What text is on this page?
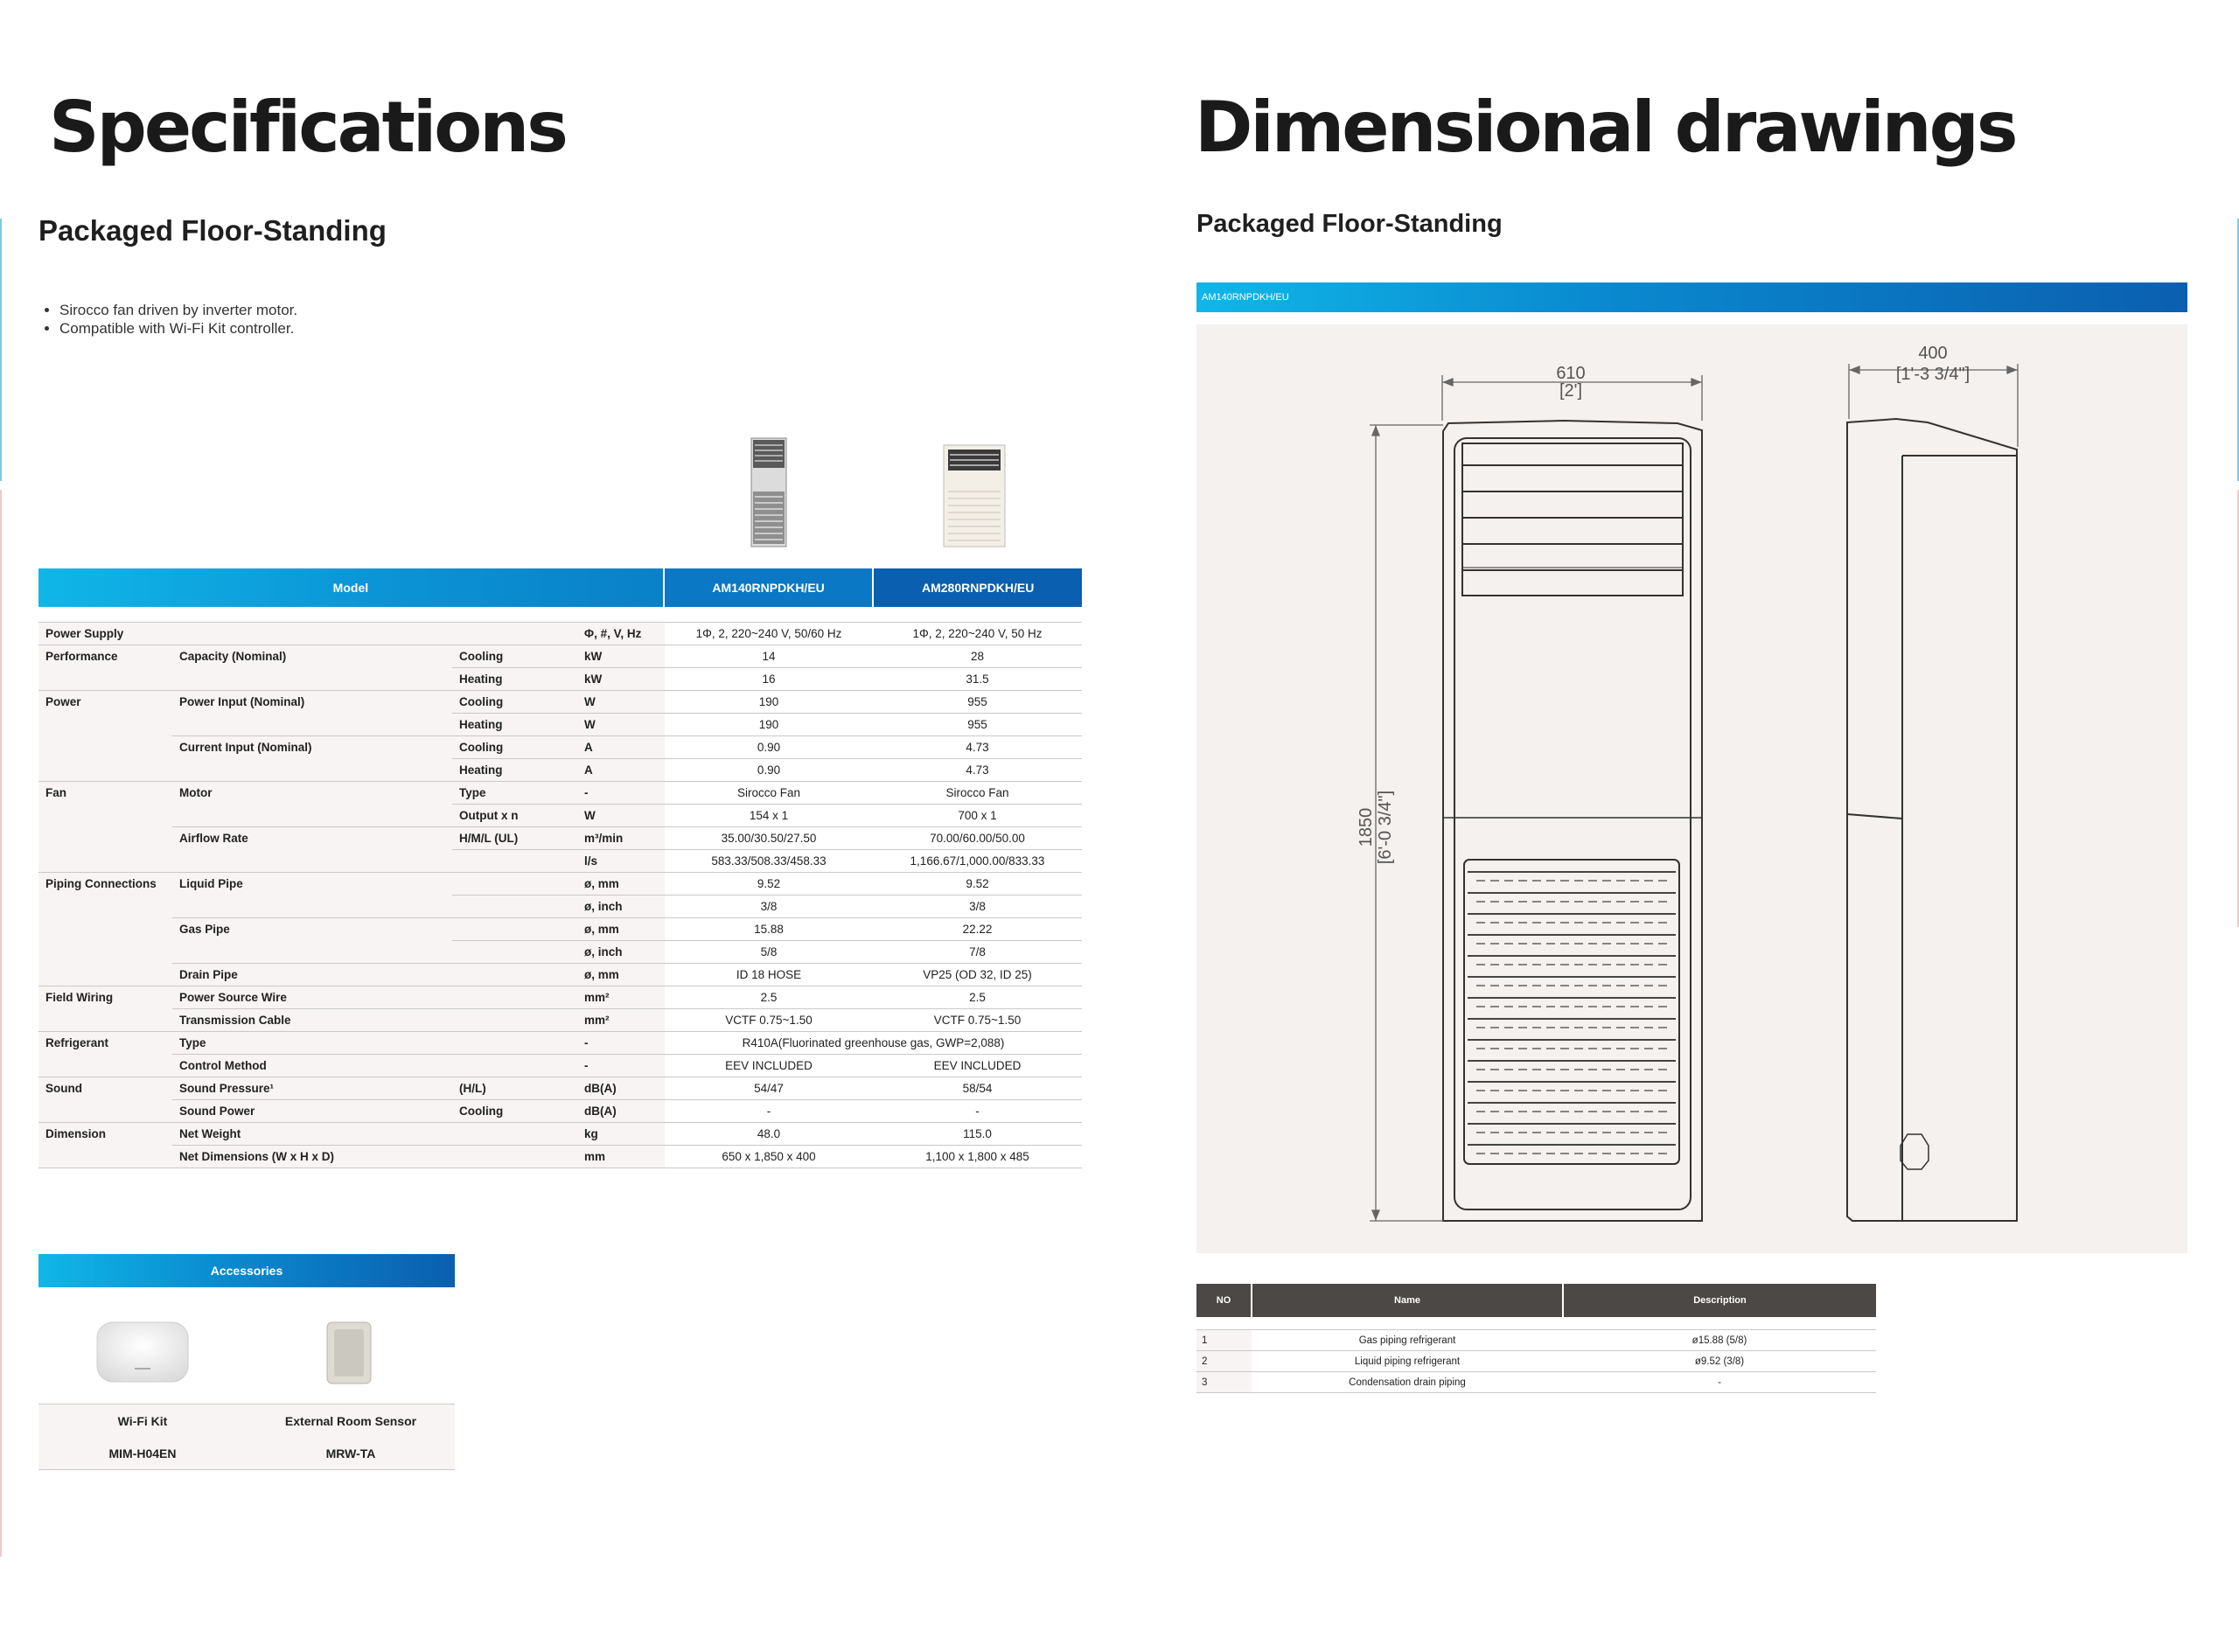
Specifications
Packaged Floor-Standing
• Sirocco fan driven by inverter motor.
• Compatible with Wi-Fi Kit controller.
Model	AM140RNPDKH/EU	AM280RNPDKH/EU
Power Supply			Φ, #, V, Hz	1Φ, 2, 220~240 V, 50/60 Hz	1Φ, 2, 220~240 V, 50 Hz
Performance	Capacity (Nominal)	Cooling	kW	14	28
		Heating	kW	16	31.5
Power	Power Input (Nominal)	Cooling	W	190	955
		Heating	W	190	955
	Current Input (Nominal)	Cooling	A	0.90	4.73
		Heating	A	0.90	4.73
Fan	Motor	Type	-	Sirocco Fan	Sirocco Fan
		Output x n	W	154 x 1	700 x 1
	Airflow Rate	H/M/L (UL)	m³/min	35.00/30.50/27.50	70.00/60.00/50.00
			l/s	583.33/508.33/458.33	1,166.67/1,000.00/833.33
Piping Connections	Liquid Pipe		ø, mm	9.52	9.52
			ø, inch	3/8	3/8
	Gas Pipe		ø, mm	15.88	22.22
			ø, inch	5/8	7/8
	Drain Pipe		ø, mm	ID 18 HOSE	VP25 (OD 32, ID 25)
Field Wiring	Power Source Wire		mm²	2.5	2.5
	Transmission Cable		mm²	VCTF 0.75~1.50	VCTF 0.75~1.50
Refrigerant	Type		-	R410A(Fluorinated greenhouse gas, GWP=2,088)	
	Control Method		-	EEV INCLUDED	EEV INCLUDED
Sound	Sound Pressure¹	(H/L)	dB(A)	54/47	58/54
	Sound Power	Cooling	dB(A)	-	-
Dimension	Net Weight		kg	48.0	115.0
	Net Dimensions (W x H x D)		mm	650 x 1,850 x 400	1,100 x 1,800 x 485
Accessories
Wi-Fi Kit	External Room Sensor
MIM-H04EN	MRW-TA
Dimensional drawings
Packaged Floor-Standing
AM140RNPDKH/EU
610
[2']
400
[1'-3 3/4"]
1850 [6'-0 3/4"]
NO	Name	Description

1	Gas piping refrigerant	ø15.88 (5/8)
2	Liquid piping refrigerant	ø9.52 (3/8)
3	Condensation drain piping	-
